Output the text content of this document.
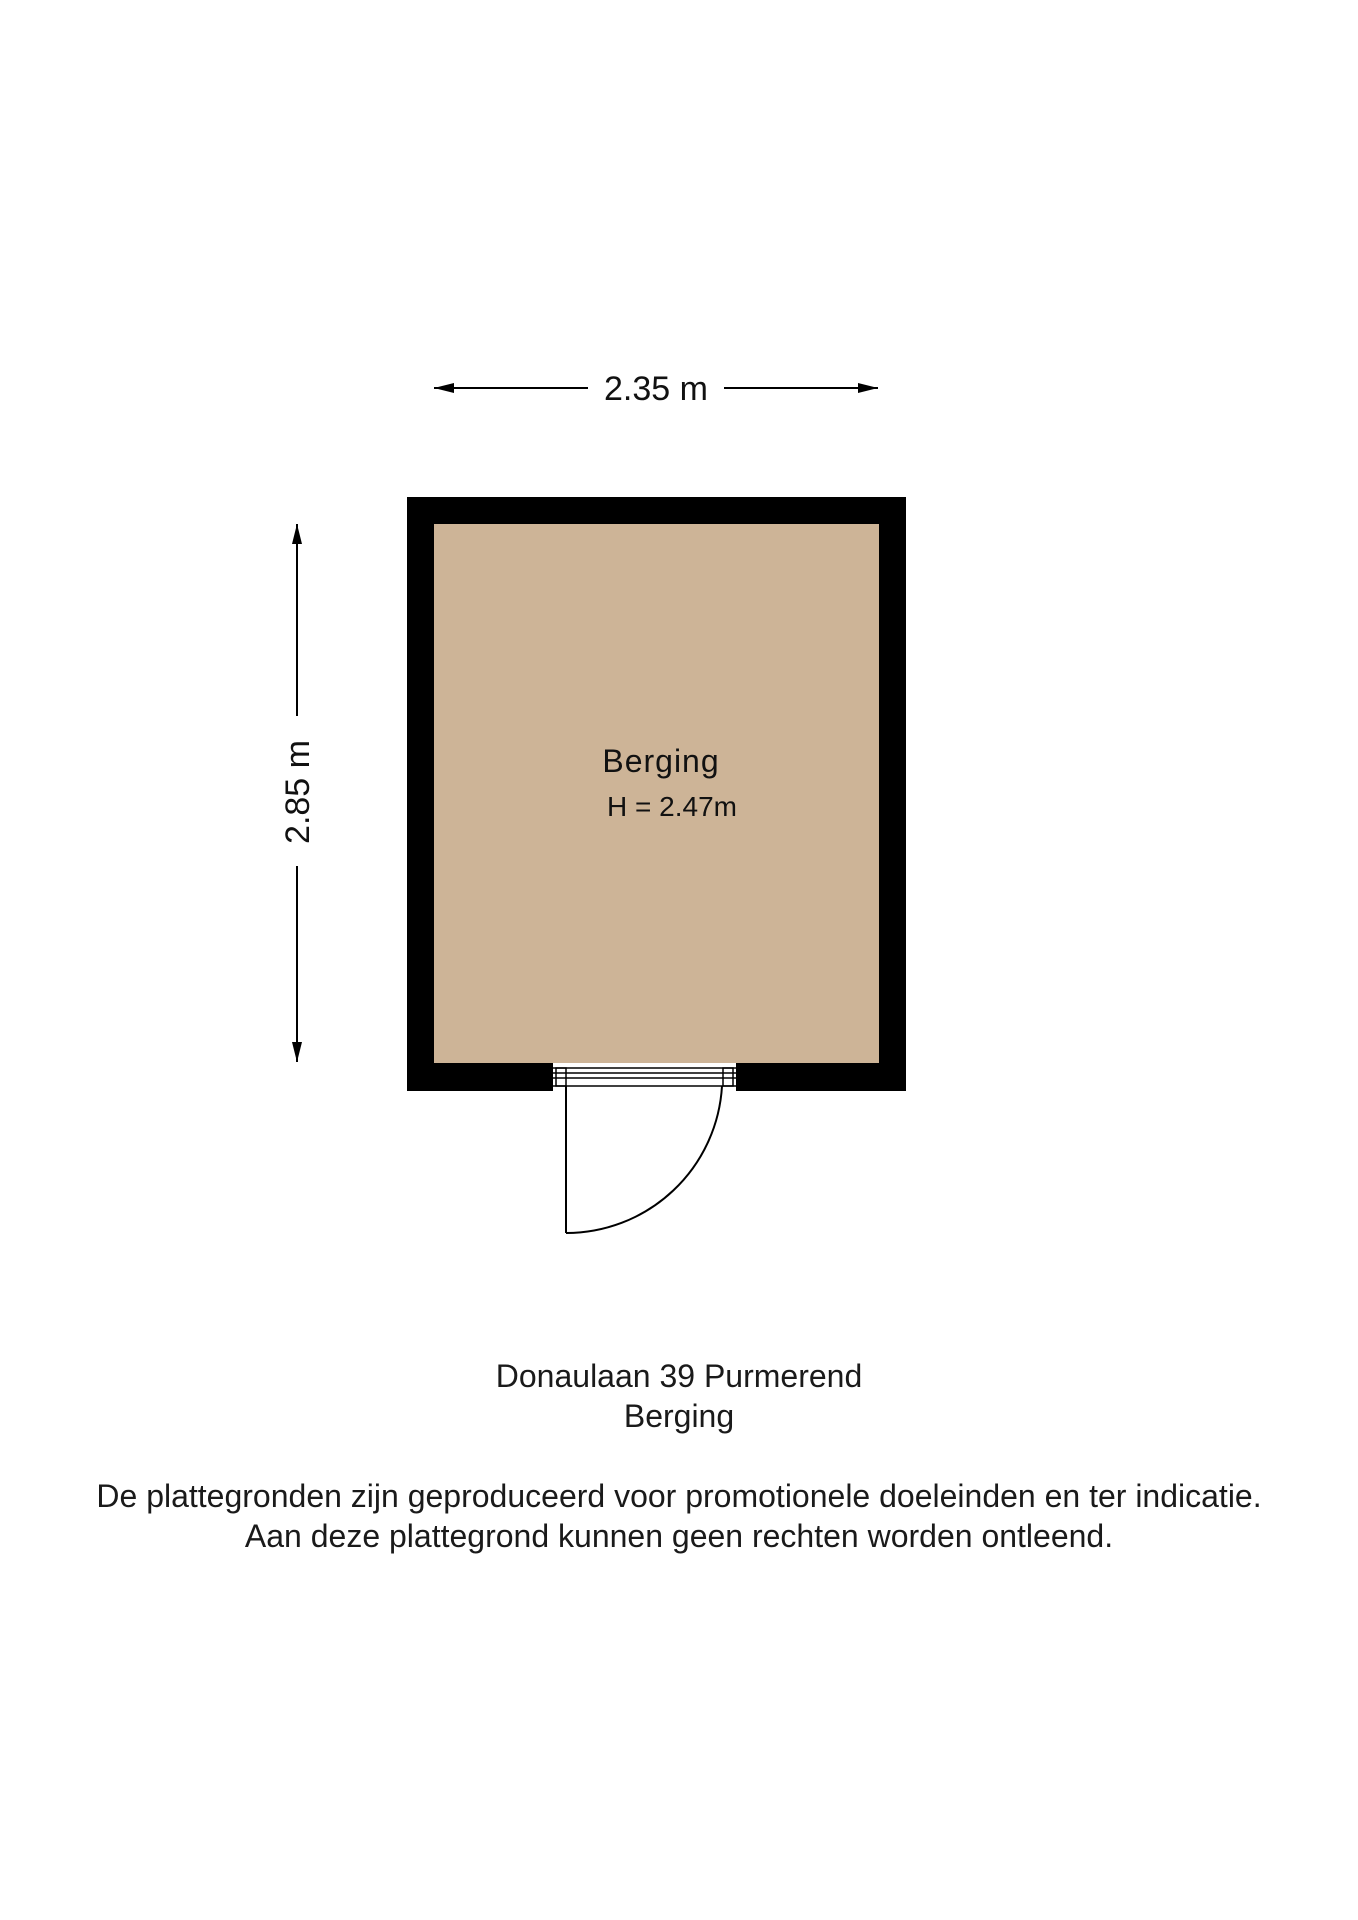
2.35 m
2.85 m	Berging
H = 2.47m
Donaulaan 39 Purmerend
Berging
De plattegronden zijn geproduceerd voor promotionele doeleinden en ter indicatie.
Aan deze plattegrond kunnen geen rechten worden ontleend.
